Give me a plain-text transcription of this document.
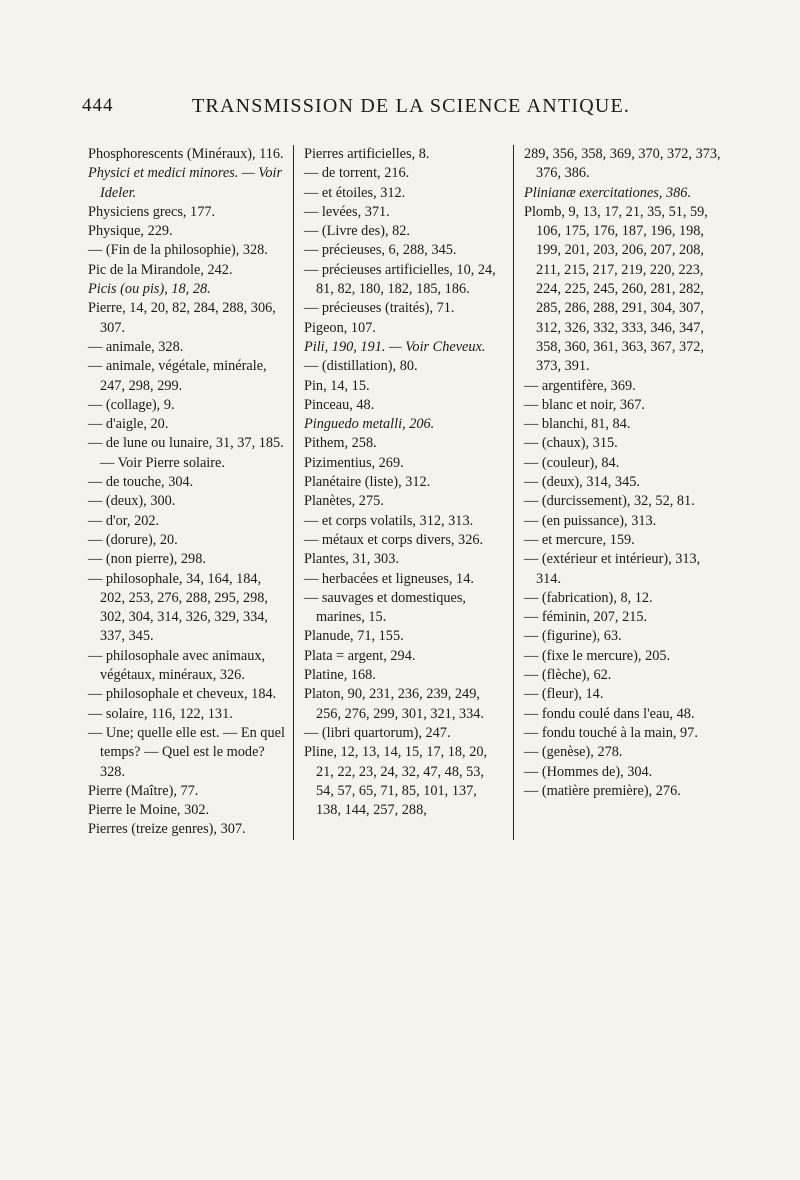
444	TRANSMISSION DE LA SCIENCE ANTIQUE.
Phosphorescents (Minéraux), 116.
Physici et medici minores. — Voir Ideler.
Physiciens grecs, 177.
Physique, 229.
— (Fin de la philosophie), 328.
Pic de la Mirandole, 242.
Picis (ou pis), 18, 28.
Pierre, 14, 20, 82, 284, 288, 306, 307.
— animale, 328.
— animale, végétale, minérale, 247, 298, 299.
— (collage), 9.
— d'aigle, 20.
— de lune ou lunaire, 31, 37, 185. — Voir Pierre solaire.
— de touche, 304.
— (deux), 300.
— d'or, 202.
— (dorure), 20.
— (non pierre), 298.
— philosophale, 34, 164, 184, 202, 253, 276, 288, 295, 298, 302, 304, 314, 326, 329, 334, 337, 345.
— philosophale avec animaux, végétaux, minéraux, 326.
— philosophale et cheveux, 184.
— solaire, 116, 122, 131.
— Une; quelle elle est. — En quel temps? — Quel est le mode? 328.
Pierre (Maître), 77.
Pierre le Moine, 302.
Pierres (treize genres), 307.
Pierres artificielles, 8.
— de torrent, 216.
— et étoiles, 312.
— levées, 371.
— (Livre des), 82.
— précieuses, 6, 288, 345.
— précieuses artificielles, 10, 24, 81, 82, 180, 182, 185, 186.
— précieuses (traités), 71.
Pigeon, 107.
Pili, 190, 191. — Voir Cheveux.
— (distillation), 80.
Pin, 14, 15.
Pinceau, 48.
Pinguedo metalli, 206.
Pithem, 258.
Pizimentius, 269.
Planétaire (liste), 312.
Planètes, 275.
— et corps volatils, 312, 313.
— métaux et corps divers, 326.
Plantes, 31, 303.
— herbacées et ligneuses, 14.
— sauvages et domestiques, marines, 15.
Planude, 71, 155.
Plata = argent, 294.
Platine, 168.
Platon, 90, 231, 236, 239, 249, 256, 276, 299, 301, 321, 334.
— (libri quartorum), 247.
Pline, 12, 13, 14, 15, 17, 18, 20, 21, 22, 23, 24, 32, 47, 48, 53, 54, 57, 65, 71, 85, 101, 137, 138, 144, 257, 288,
289, 356, 358, 369, 370, 372, 373, 376, 386.
Plinianæ exercitationes, 386.
Plomb, 9, 13, 17, 21, 35, 51, 59, 106, 175, 176, 187, 196, 198, 199, 201, 203, 206, 207, 208, 211, 215, 217, 219, 220, 223, 224, 225, 245, 260, 281, 282, 285, 286, 288, 291, 304, 307, 312, 326, 332, 333, 346, 347, 358, 360, 361, 363, 367, 372, 373, 391.
— argentifère, 369.
— blanc et noir, 367.
— blanchi, 81, 84.
— (chaux), 315.
— (couleur), 84.
— (deux), 314, 345.
— (durcissement), 32, 52, 81.
— (en puissance), 313.
— et mercure, 159.
— (extérieur et intérieur), 313, 314.
— (fabrication), 8, 12.
— féminin, 207, 215.
— (figurine), 63.
— (fixe le mercure), 205.
— (flèche), 62.
— (fleur), 14.
— fondu coulé dans l'eau, 48.
— fondu touché à la main, 97.
— (genèse), 278.
— (Hommes de), 304.
— (matière première), 276.
